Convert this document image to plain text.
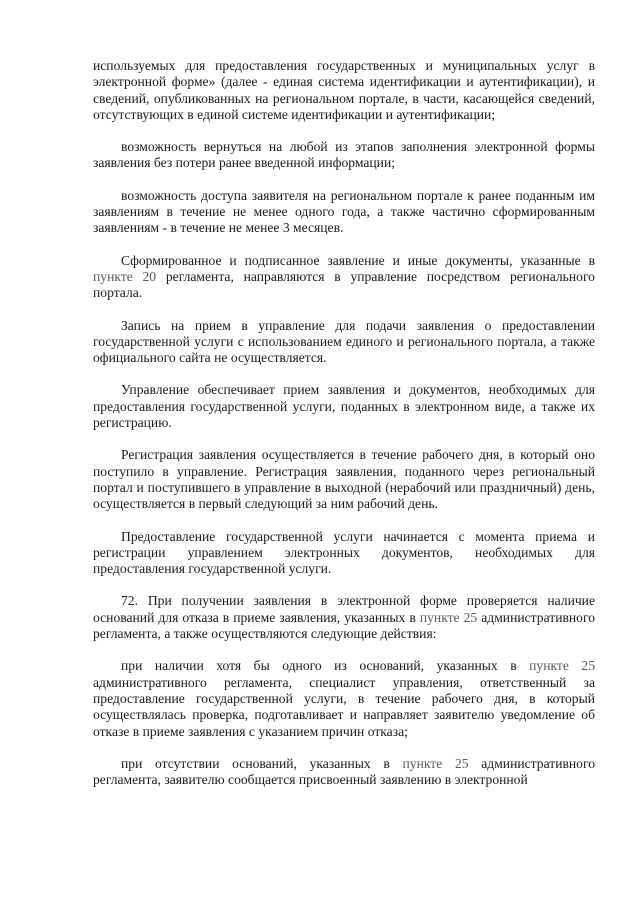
используемых для предоставления государственных и муниципальных услуг в электронной форме» (далее - единая система идентификации и аутентификации), и сведений, опубликованных на региональном портале, в части, касающейся сведений, отсутствующих в единой системе идентификации и аутентификации;

возможность вернуться на любой из этапов заполнения электронной формы заявления без потери ранее введенной информации;

возможность доступа заявителя на региональном портале к ранее поданным им заявлениям в течение не менее одного года, а также частично сформированным заявлениям - в течение не менее 3 месяцев.

Сформированное и подписанное заявление и иные документы, указанные в пункте 20 регламента, направляются в управление посредством регионального портала.

Запись на прием в управление для подачи заявления о предоставлении государственной услуги с использованием единого и регионального портала, а также официального сайта не осуществляется.

Управление обеспечивает прием заявления и документов, необходимых для предоставления государственной услуги, поданных в электронном виде, а также их регистрацию.

Регистрация заявления осуществляется в течение рабочего дня, в который оно поступило в управление. Регистрация заявления, поданного через региональный портал и поступившего в управление в выходной (нерабочий или праздничный) день, осуществляется в первый следующий за ним рабочий день.

Предоставление государственной услуги начинается с момента приема и регистрации управлением электронных документов, необходимых для предоставления государственной услуги.

72. При получении заявления в электронной форме проверяется наличие оснований для отказа в приеме заявления, указанных в пункте 25 административного регламента, а также осуществляются следующие действия:

при наличии хотя бы одного из оснований, указанных в пункте 25 административного регламента, специалист управления, ответственный за предоставление государственной услуги, в течение рабочего дня, в который осуществлялась проверка, подготавливает и направляет заявителю уведомление об отказе в приеме заявления с указанием причин отказа;

при отсутствии оснований, указанных в пункте 25 административного регламента, заявителю сообщается присвоенный заявлению в электронной
